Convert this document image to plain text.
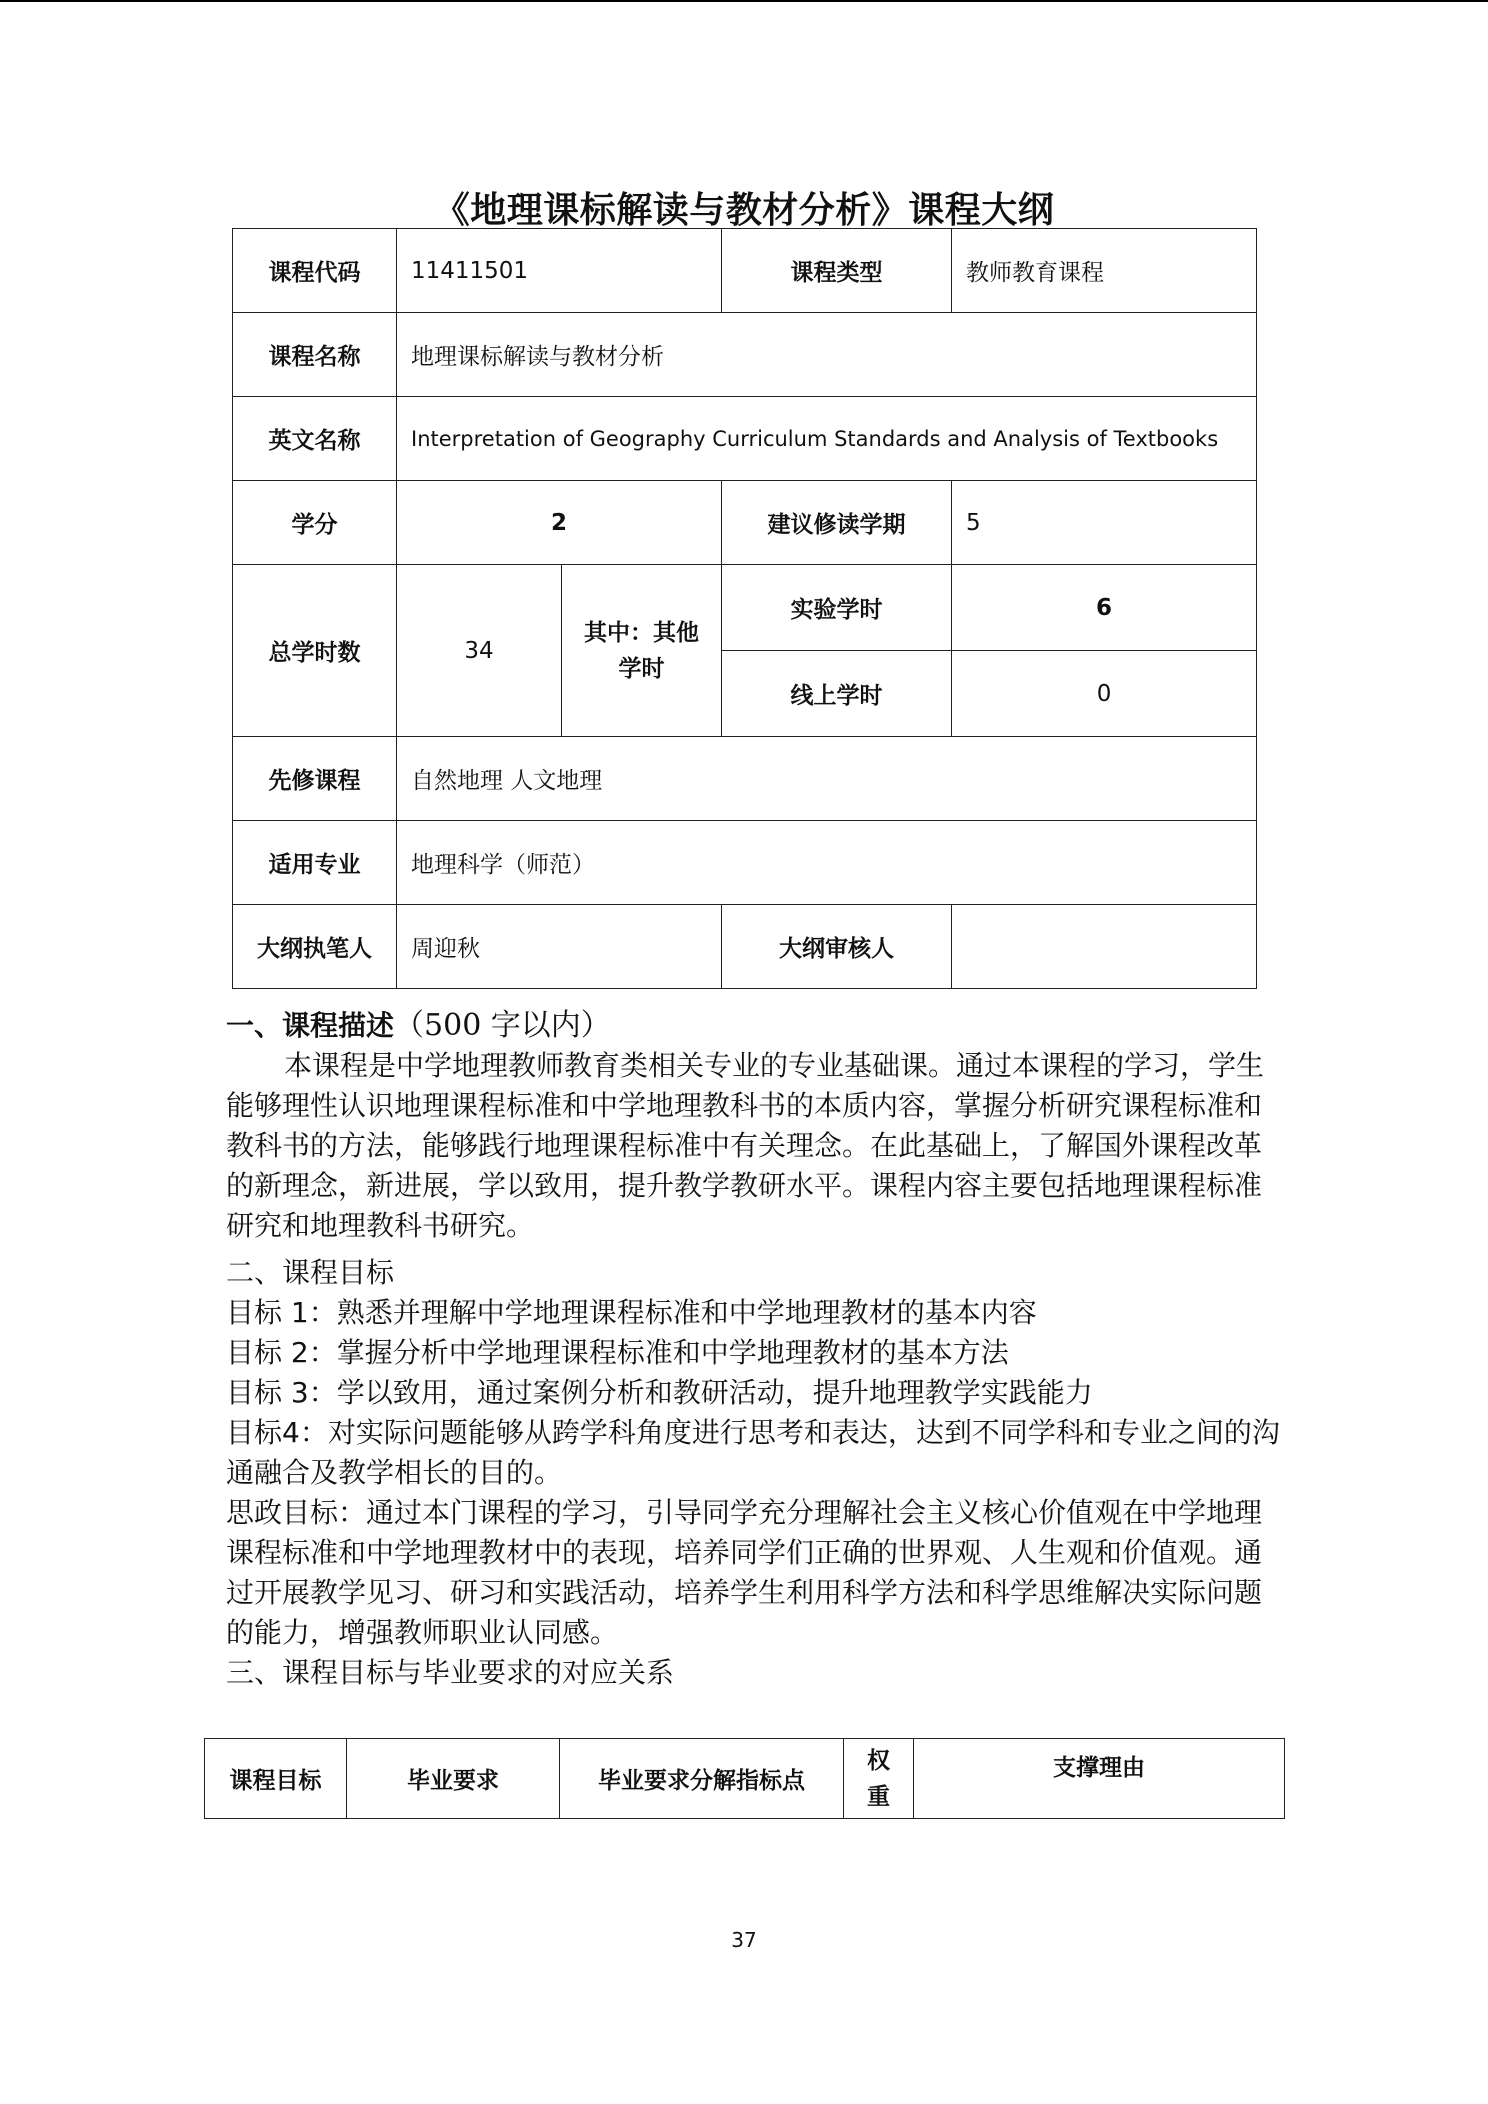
《地理课标解读与教材分析》课程大纲
课程代码	11411501		课程类型	教师教育课程
课程名称	地理课标解读与教材分析			
英文名称	Interpretation of Geography Curriculum Standards and Analysis of Textbooks			
学分	2		建议修读学期	5
总学时数	34	其中：其他学时	实验学时	6
			线上学时	0
先修课程	自然地理 人文地理			
适用专业	地理科学（师范）			
大纲执笔人	周迎秋		大纲审核人	

一、课程描述（500 字以内）

本课程是中学地理教师教育类相关专业的专业基础课。通过本课程的学习，学生能够理性认识地理课程标准和中学地理教科书的本质内容，掌握分析研究课程标准和教科书的方法，能够践行地理课程标准中有关理念。在此基础上，了解国外课程改革的新理念，新进展，学以致用，提升教学教研水平。课程内容主要包括地理课程标准研究和地理教科书研究。

二、课程目标

目标 1：熟悉并理解中学地理课程标准和中学地理教材的基本内容

目标 2：掌握分析中学地理课程标准和中学地理教材的基本方法

目标 3：学以致用，通过案例分析和教研活动，提升地理教学实践能力

目标4：对实际问题能够从跨学科角度进行思考和表达，达到不同学科和专业之间的沟通融合及教学相长的目的。

思政目标：通过本门课程的学习，引导同学充分理解社会主义核心价值观在中学地理课程标准和中学地理教材中的表现，培养同学们正确的世界观、人生观和价值观。通过开展教学见习、研习和实践活动，培养学生利用科学方法和科学思维解决实际问题的能力，增强教师职业认同感。

三、课程目标与毕业要求的对应关系

课程目标	毕业要求	毕业要求分解指标点	权重	支撑理由
37
